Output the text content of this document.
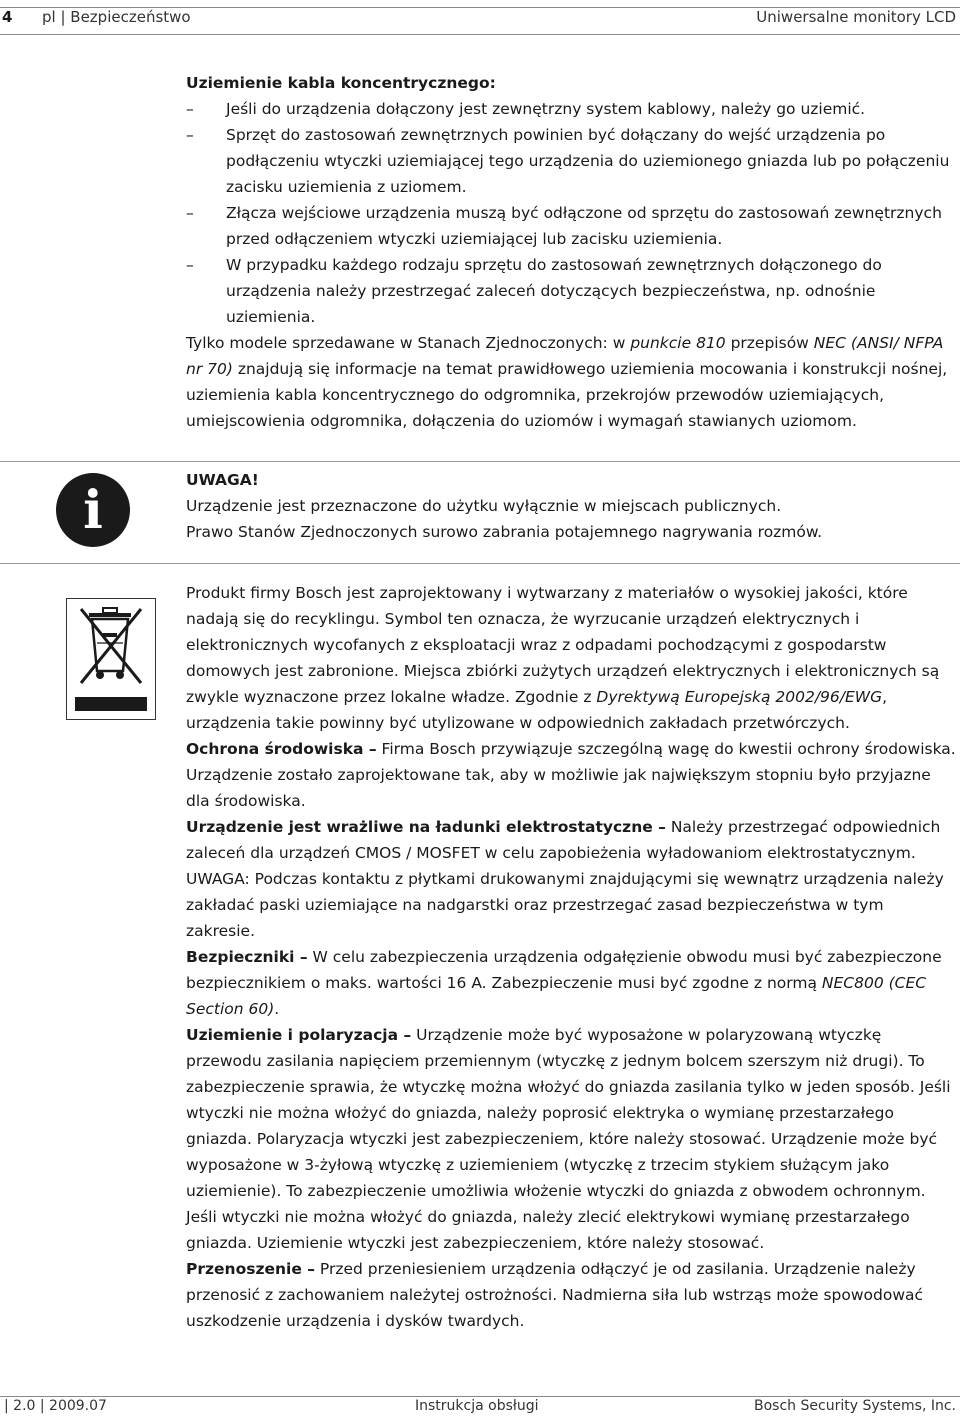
4 pl | Bezpieczeństwo	Uniwersalne monitory LCD

Uziemienie kabla koncentrycznego:

– Jeśli do urządzenia dołączony jest zewnętrzny system kablowy, należy go uziemić.
– Sprzęt do zastosowań zewnętrznych powinien być dołączany do wejść urządzenia po podłączeniu wtyczki uziemiającej tego urządzenia do uziemionego gniazda lub po połączeniu zacisku uziemienia z uziomem.
– Złącza wejściowe urządzenia muszą być odłączone od sprzętu do zastosowań zewnętrznych przed odłączeniem wtyczki uziemiającej lub zacisku uziemienia.
– W przypadku każdego rodzaju sprzętu do zastosowań zewnętrznych dołączonego do urządzenia należy przestrzegać zaleceń dotyczących bezpieczeństwa, np. odnośnie uziemienia.

Tylko modele sprzedawane w Stanach Zjednoczonych: w punkcie 810 przepisów NEC (ANSI/ NFPA nr 70) znajdują się informacje na temat prawidłowego uziemienia mocowania i konstrukcji nośnej, uziemienia kabla koncentrycznego do odgromnika, przekrojów przewodów uziemiających, umiejscowienia odgromnika, dołączenia do uziomów i wymagań stawianych uziomom.

i	UWAGA!

Urządzenie jest przeznaczone do użytku wyłącznie w miejscach publicznych.

Prawo Stanów Zjednoczonych surowo zabrania potajemnego nagrywania rozmów.

Produkt firmy Bosch jest zaprojektowany i wytwarzany z materiałów o wysokiej jakości, które nadają się do recyklingu. Symbol ten oznacza, że wyrzucanie urządzeń elektrycznych i elektronicznych wycofanych z eksploatacji wraz z odpadami pochodzącymi z gospodarstw domowych jest zabronione. Miejsca zbiórki zużytych urządzeń elektrycznych i elektronicznych są zwykle wyznaczone przez lokalne władze. Zgodnie z Dyrektywą Europejską 2002/96/EWG, urządzenia takie powinny być utylizowane w odpowiednich zakładach przetwórczych.

Ochrona środowiska – Firma Bosch przywiązuje szczególną wagę do kwestii ochrony środowiska. Urządzenie zostało zaprojektowane tak, aby w możliwie jak największym stopniu było przyjazne dla środowiska.

Urządzenie jest wrażliwe na ładunki elektrostatyczne – Należy przestrzegać odpowiednich zaleceń dla urządzeń CMOS / MOSFET w celu zapobieżenia wyładowaniom elektrostatycznym. UWAGA: Podczas kontaktu z płytkami drukowanymi znajdującymi się wewnątrz urządzenia należy zakładać paski uziemiające na nadgarstki oraz przestrzegać zasad bezpieczeństwa w tym zakresie.

Bezpieczniki – W celu zabezpieczenia urządzenia odgałęzienie obwodu musi być zabezpieczone bezpiecznikiem o maks. wartości 16 A. Zabezpieczenie musi być zgodne z normą NEC800 (CEC Section 60).

Uziemienie i polaryzacja – Urządzenie może być wyposażone w polaryzowaną wtyczkę przewodu zasilania napięciem przemiennym (wtyczkę z jednym bolcem szerszym niż drugi). To zabezpieczenie sprawia, że wtyczkę można włożyć do gniazda zasilania tylko w jeden sposób. Jeśli wtyczki nie można włożyć do gniazda, należy poprosić elektryka o wymianę przestarzałego gniazda. Polaryzacja wtyczki jest zabezpieczeniem, które należy stosować. Urządzenie może być wyposażone w 3-żyłową wtyczkę z uziemieniem (wtyczkę z trzecim stykiem służącym jako uziemienie). To zabezpieczenie umożliwia włożenie wtyczki do gniazda z obwodem ochronnym. Jeśli wtyczki nie można włożyć do gniazda, należy zlecić elektrykowi wymianę przestarzałego gniazda. Uziemienie wtyczki jest zabezpieczeniem, które należy stosować.

Przenoszenie – Przed przeniesieniem urządzenia odłączyć je od zasilania. Urządzenie należy przenosić z zachowaniem należytej ostrożności. Nadmierna siła lub wstrząs może spowodować uszkodzenie urządzenia i dysków twardych.

| 2.0 | 2009.07	Instrukcja obsługi	Bosch Security Systems, Inc.
